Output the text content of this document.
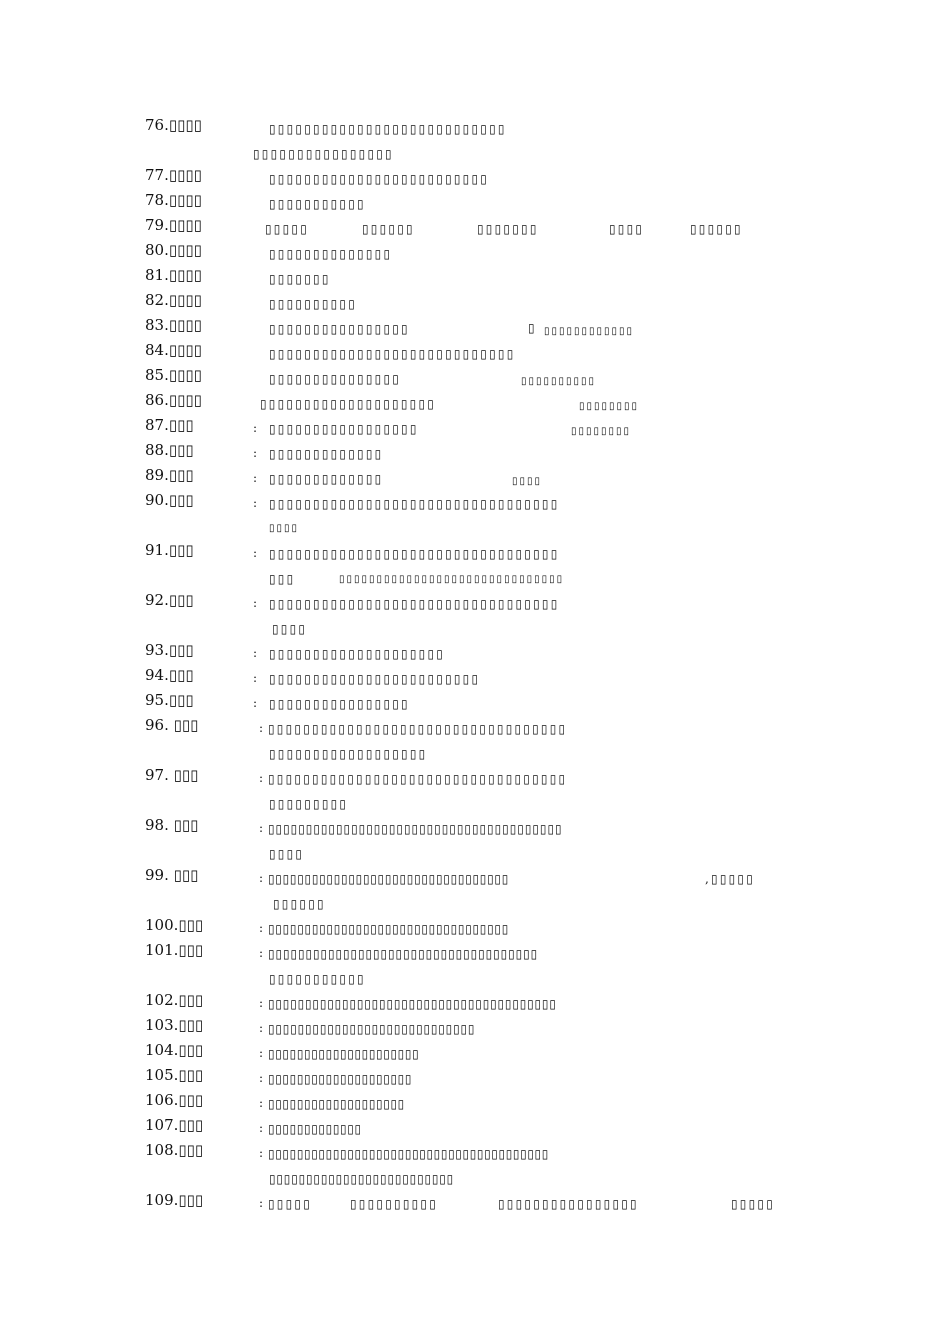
76.▯▯▯▯	▯▯▯▯▯▯▯▯▯▯▯▯▯▯▯▯▯▯▯▯▯▯▯▯▯▯▯
▯▯▯▯▯▯▯▯▯▯▯▯▯▯▯▯
77.▯▯▯▯	▯▯▯▯▯▯▯▯▯▯▯▯▯▯▯▯▯▯▯▯▯▯▯▯▯
78.▯▯▯▯	▯▯▯▯▯▯▯▯▯▯▯
79.▯▯▯▯	▯▯▯▯▯	▯▯▯▯▯▯	▯▯▯▯▯▯▯	▯▯▯▯	▯▯▯▯▯▯
80.▯▯▯▯	▯▯▯▯▯▯▯▯▯▯▯▯▯▯
81.▯▯▯▯	▯▯▯▯▯▯▯
82.▯▯▯▯	▯▯▯▯▯▯▯▯▯▯
83.▯▯▯▯	▯▯▯▯▯▯▯▯▯▯▯▯▯▯▯▯	▯ ▯▯▯▯▯▯▯▯▯▯▯▯
84.▯▯▯▯	▯▯▯▯▯▯▯▯▯▯▯▯▯▯▯▯▯▯▯▯▯▯▯▯▯▯▯▯
85.▯▯▯▯	▯▯▯▯▯▯▯▯▯▯▯▯▯▯▯	▯▯▯▯▯▯▯▯▯▯
86.▯▯▯▯	▯▯▯▯▯▯▯▯▯▯▯▯▯▯▯▯▯▯▯▯	▯▯▯▯▯▯▯▯
87.▯▯▯	: ▯▯▯▯▯▯▯▯▯▯▯▯▯▯▯▯▯	▯▯▯▯▯▯▯▯
88.▯▯▯	: ▯▯▯▯▯▯▯▯▯▯▯▯▯
89.▯▯▯	: ▯▯▯▯▯▯▯▯▯▯▯▯▯	▯▯▯▯
90.▯▯▯	: ▯▯▯▯▯▯▯▯▯▯▯▯▯▯▯▯▯▯▯▯▯▯▯▯▯▯▯▯▯▯▯▯▯
▯▯▯▯
91.▯▯▯	: ▯▯▯▯▯▯▯▯▯▯▯▯▯▯▯▯▯▯▯▯▯▯▯▯▯▯▯▯▯▯▯▯▯
▯▯▯	▯▯▯▯▯▯▯▯▯▯▯▯▯▯▯▯▯▯▯▯▯▯▯▯▯▯▯▯▯▯
92.▯▯▯	: ▯▯▯▯▯▯▯▯▯▯▯▯▯▯▯▯▯▯▯▯▯▯▯▯▯▯▯▯▯▯▯▯▯
▯▯▯▯
93.▯▯▯	: ▯▯▯▯▯▯▯▯▯▯▯▯▯▯▯▯▯▯▯▯
94.▯▯▯	: ▯▯▯▯▯▯▯▯▯▯▯▯▯▯▯▯▯▯▯▯▯▯▯▯
95.▯▯▯	: ▯▯▯▯▯▯▯▯▯▯▯▯▯▯▯▯
96. ▯▯▯	: ▯▯▯▯▯▯▯▯▯▯▯▯▯▯▯▯▯▯▯▯▯▯▯▯▯▯▯▯▯▯▯▯▯▯
▯▯▯▯▯▯▯▯▯▯▯▯▯▯▯▯▯▯
97. ▯▯▯	: ▯▯▯▯▯▯▯▯▯▯▯▯▯▯▯▯▯▯▯▯▯▯▯▯▯▯▯▯▯▯▯▯▯▯
▯▯▯▯▯▯▯▯▯
98. ▯▯▯	: ▯▯▯▯▯▯▯▯▯▯▯▯▯▯▯▯▯▯▯▯▯▯▯▯▯▯▯▯▯▯▯▯▯▯▯▯▯▯▯
▯▯▯▯
99. ▯▯▯	: ▯▯▯▯▯▯▯▯▯▯▯▯▯▯▯▯▯▯▯▯▯▯▯▯▯▯▯▯▯▯▯▯▯	,▯▯▯▯▯
▯▯▯▯▯▯
100.▯▯▯	: ▯▯▯▯▯▯▯▯▯▯▯▯▯▯▯▯▯▯▯▯▯▯▯▯▯▯▯▯▯▯▯▯▯
101.▯▯▯	: ▯▯▯▯▯▯▯▯▯▯▯▯▯▯▯▯▯▯▯▯▯▯▯▯▯▯▯▯▯▯▯▯▯▯▯▯
▯▯▯▯▯▯▯▯▯▯▯
102.▯▯▯	: ▯▯▯▯▯▯▯▯▯▯▯▯▯▯▯▯▯▯▯▯▯▯▯▯▯▯▯▯▯▯▯▯▯▯▯▯▯▯▯
103.▯▯▯	: ▯▯▯▯▯▯▯▯▯▯▯▯▯▯▯▯▯▯▯▯▯▯▯▯▯▯▯▯
104.▯▯▯	: ▯▯▯▯▯▯▯▯▯▯▯▯▯▯▯▯▯▯▯▯▯
105.▯▯▯	: ▯▯▯▯▯▯▯▯▯▯▯▯▯▯▯▯▯▯▯▯
106.▯▯▯	: ▯▯▯▯▯▯▯▯▯▯▯▯▯▯▯▯▯▯▯
107.▯▯▯	: ▯▯▯▯▯▯▯▯▯▯▯▯▯
108.▯▯▯	: ▯▯▯▯▯▯▯▯▯▯▯▯▯▯▯▯▯▯▯▯▯▯▯▯▯▯▯▯▯▯▯▯▯▯▯▯▯▯▯
▯▯▯▯▯▯▯▯▯▯▯▯▯▯▯▯▯▯▯▯▯▯▯▯▯
109.▯▯▯	: ▯▯▯▯▯	▯▯▯▯▯▯▯▯▯▯	▯▯▯▯▯▯▯▯▯▯▯▯▯▯▯▯	▯▯▯▯▯
